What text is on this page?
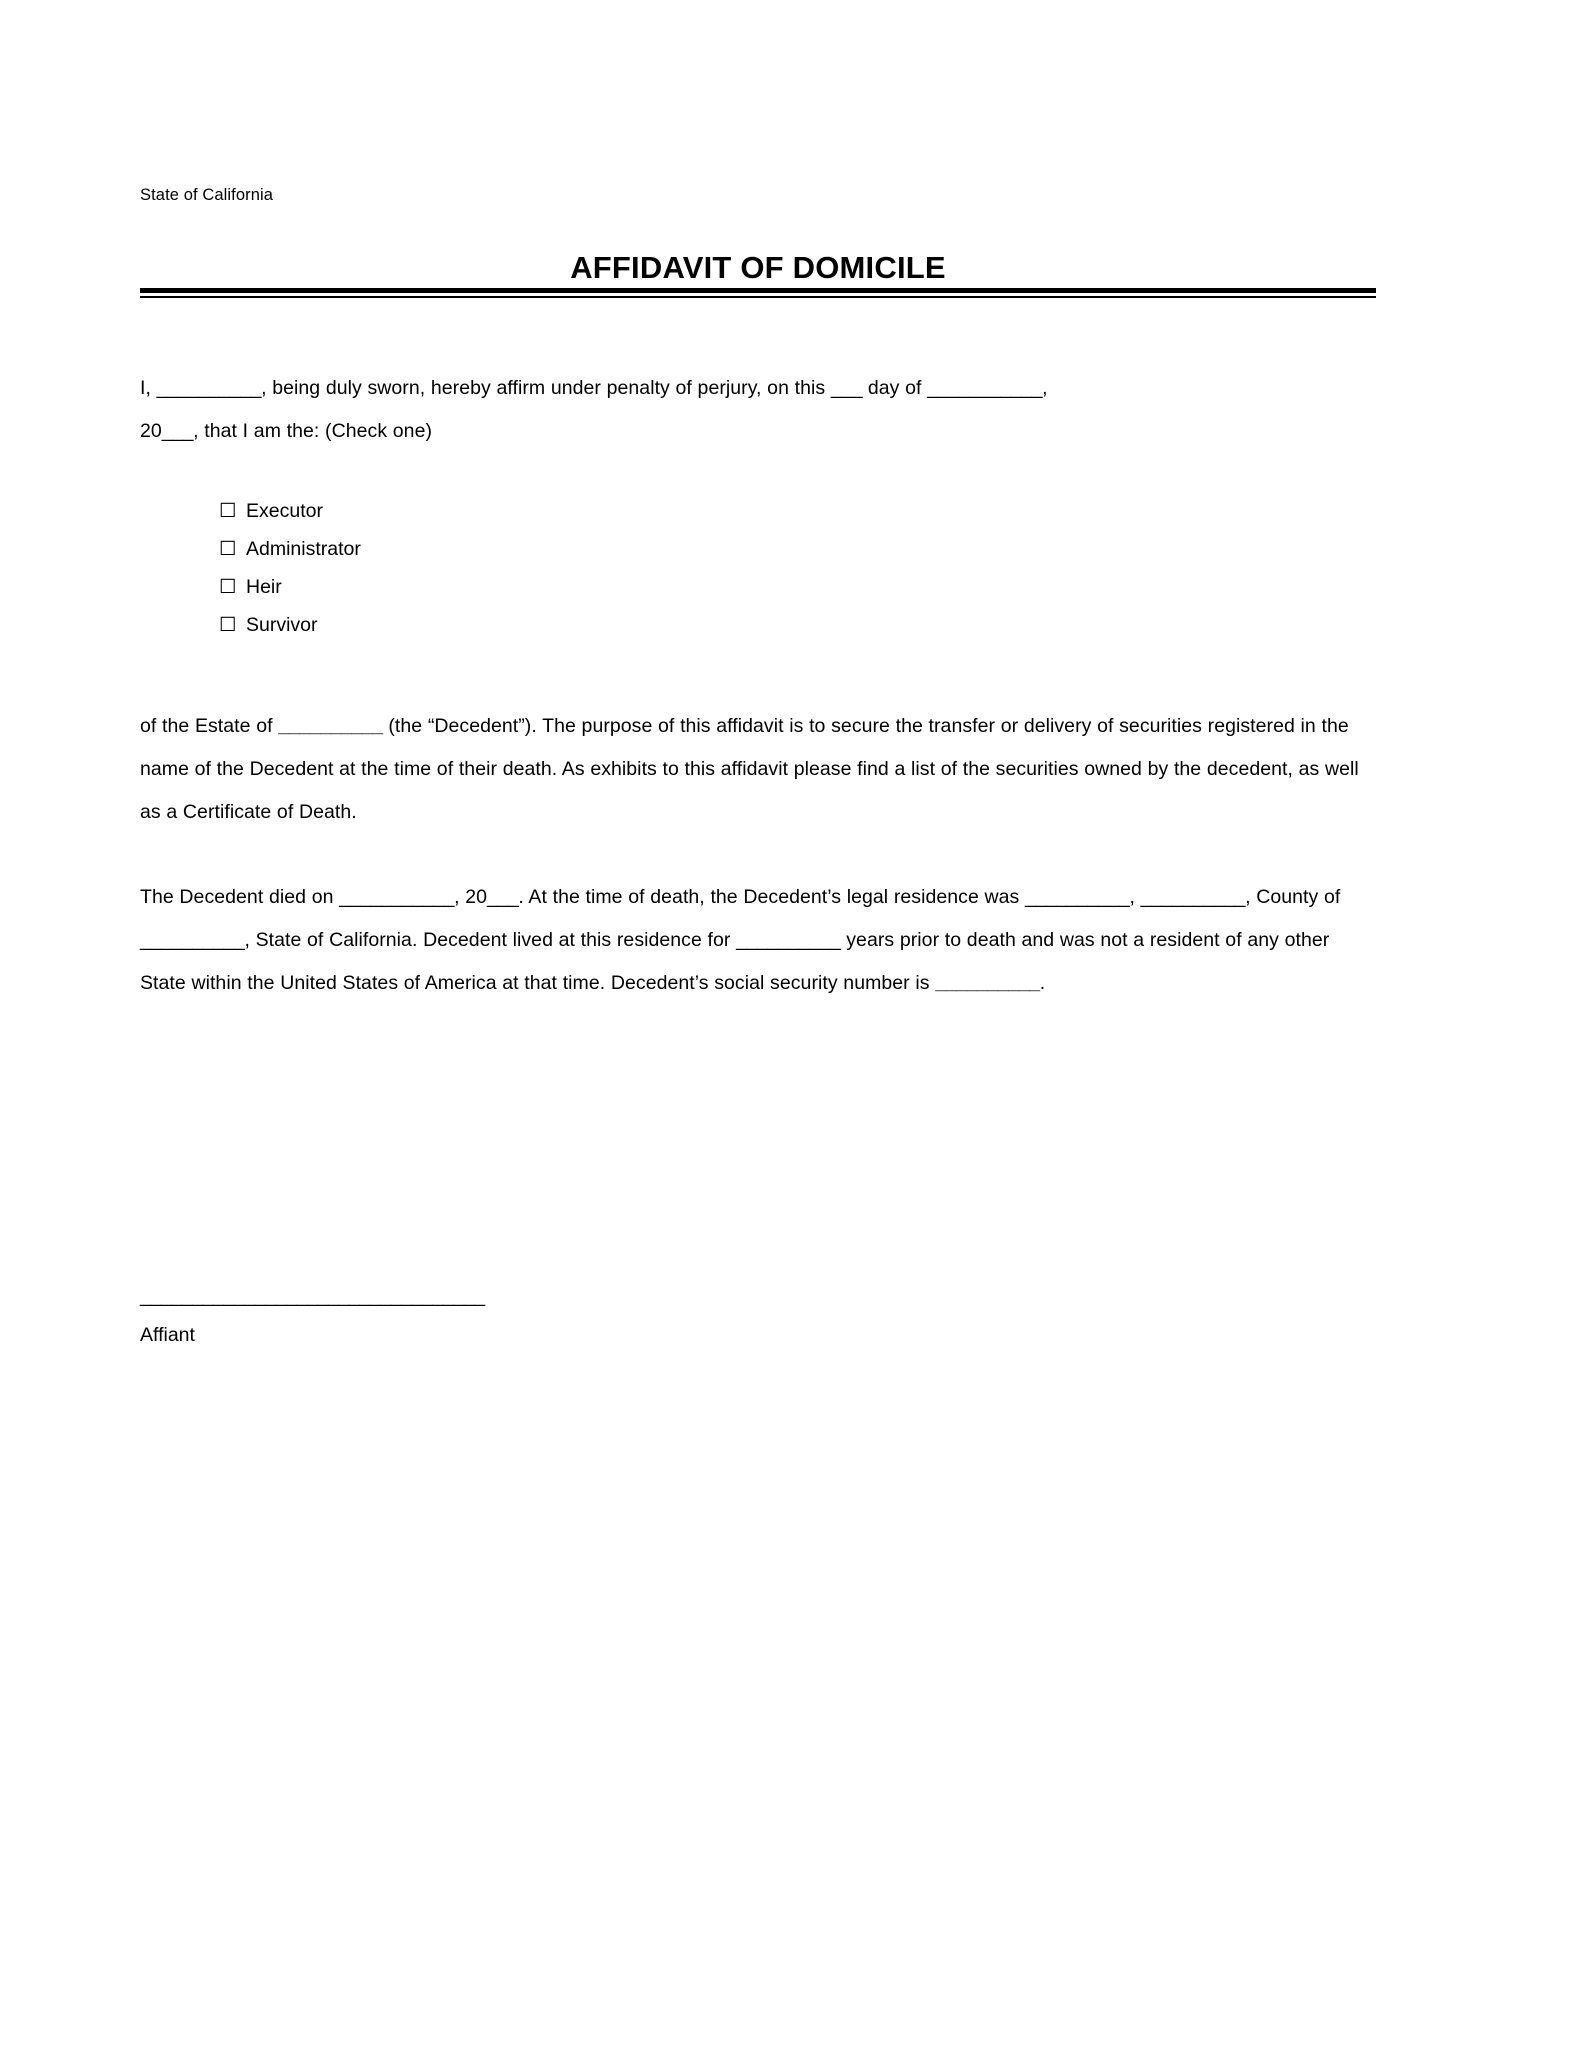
State of California
AFFIDAVIT OF DOMICILE

I, __________, being duly sworn, hereby affirm under penalty of perjury, on this ___ day of ___________,
20___, that I am the: (Check one)

☐ Executor
☐ Administrator
☐ Heir
☐ Survivor

of the Estate of __________ (the “Decedent”). The purpose of this affidavit is to secure the transfer or delivery of securities registered in the name of the Decedent at the time of their death. As exhibits to this affidavit please find a list of the securities owned by the decedent, as well as a Certificate of Death.

The Decedent died on ___________, 20___. At the time of death, the Decedent’s legal residence was __________, __________, County of __________, State of California. Decedent lived at this residence for __________ years prior to death and was not a resident of any other State within the United States of America at that time. Decedent’s social security number is __________.

_________________________________
Affiant
